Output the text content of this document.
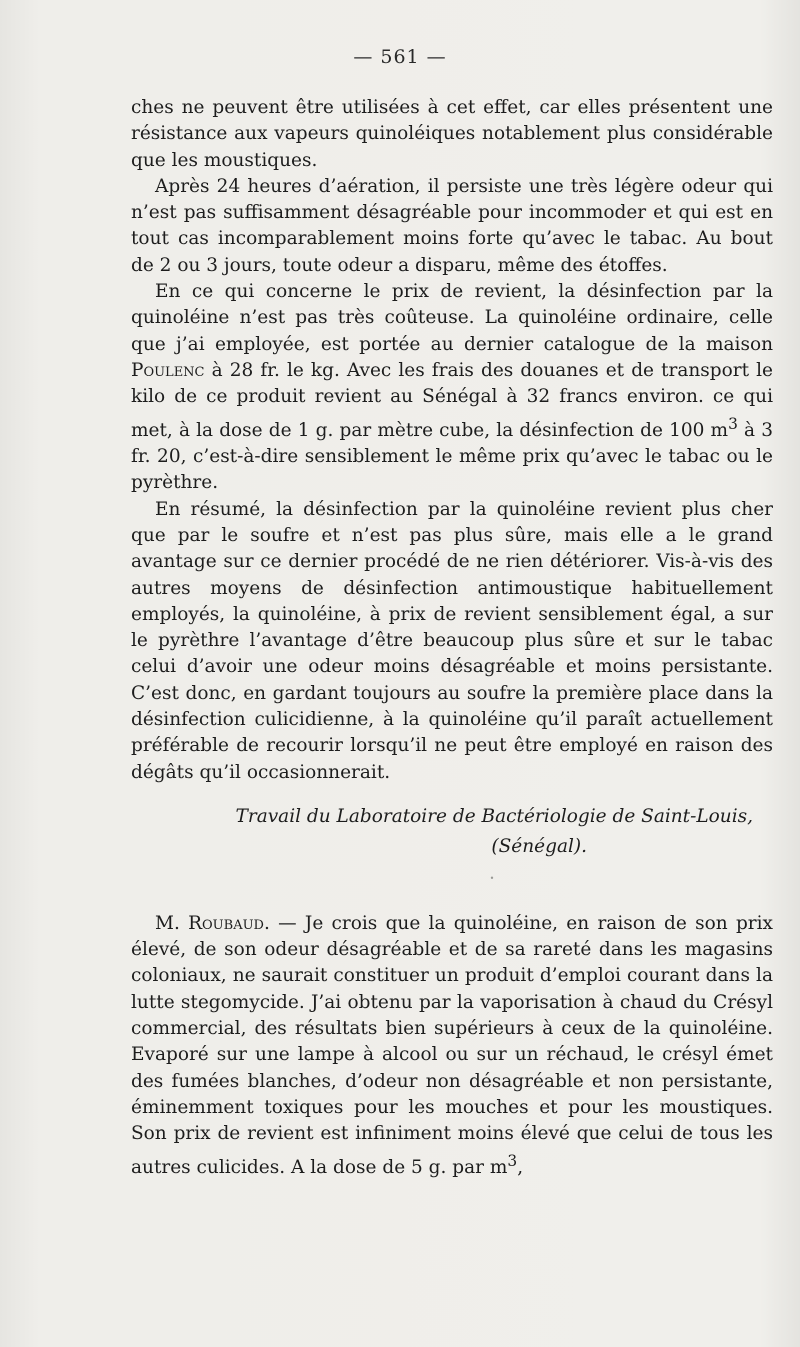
— 561 —

ches ne peuvent être utilisées à cet effet, car elles présentent une résistance aux vapeurs quinoléiques notablement plus considérable que les moustiques.

Après 24 heures d’aération, il persiste une très légère odeur qui n’est pas suffisamment désagréable pour incommoder et qui est en tout cas incomparablement moins forte qu’avec le tabac. Au bout de 2 ou 3 jours, toute odeur a disparu, même des étoffes.

En ce qui concerne le prix de revient, la désinfection par la quinoléine n’est pas très coûteuse. La quinoléine ordinaire, celle que j’ai employée, est portée au dernier catalogue de la maison Poulenc à 28 fr. le kg. Avec les frais des douanes et de transport le kilo de ce produit revient au Sénégal à 32 francs environ. ce qui met, à la dose de 1 g. par mètre cube, la désinfection de 100 $m^3$ à 3 fr. 20, c’est-à-dire sensiblement le même prix qu’avec le tabac ou le pyrèthre.

En résumé, la désinfection par la quinoléine revient plus cher que par le soufre et n’est pas plus sûre, mais elle a le grand avantage sur ce dernier procédé de ne rien détériorer. Vis-à-vis des autres moyens de désinfection antimoustique habituellement employés, la quinoléine, à prix de revient sensiblement égal, a sur le pyrèthre l’avantage d’être beaucoup plus sûre et sur le tabac celui d’avoir une odeur moins désagréable et moins persistante. C’est donc, en gardant toujours au soufre la première place dans la désinfection culicidienne, à la quinoléine qu’il paraît actuellement préférable de recourir lorsqu’il ne peut être employé en raison des dégâts qu’il occasionnerait.

Travail du Laboratoire de Bactériologie de Saint-Louis,
(Sénégal).
•

M. Roubaud. — Je crois que la quinoléine, en raison de son prix élevé, de son odeur désagréable et de sa rareté dans les magasins coloniaux, ne saurait constituer un produit d’emploi courant dans la lutte stegomycide. J’ai obtenu par la vaporisation à chaud du Crésyl commercial, des résultats bien supérieurs à ceux de la quinoléine. Evaporé sur une lampe à alcool ou sur un réchaud, le crésyl émet des fumées blanches, d’odeur non désagréable et non persistante, éminemment toxiques pour les mouches et pour les moustiques. Son prix de revient est infiniment moins élevé que celui de tous les autres culicides. A la dose de 5 g. par $m^3$,
